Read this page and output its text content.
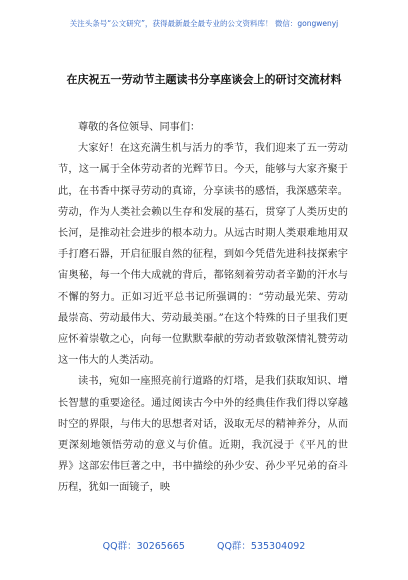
关注头条号“公文研究”，获得最新最全最专业的公文资料库！ 微信：gongwenyj
在庆祝五一劳动节主题读书分享座谈会上的研讨交流材料

尊敬的各位领导、同事们：

大家好！在这充满生机与活力的季节，我们迎来了五一劳动节，这一属于全体劳动者的光辉节日。今天，能够与大家齐聚于此，在书香中探寻劳动的真谛，分享读书的感悟，我深感荣幸。劳动，作为人类社会赖以生存和发展的基石，贯穿了人类历史的长河，是推动社会进步的根本动力。从远古时期人类艰难地用双手打磨石器，开启征服自然的征程，到如今凭借先进科技探索宇宙奥秘，每一个伟大成就的背后，都铭刻着劳动者辛勤的汗水与不懈的努力。正如习近平总书记所强调的：“劳动最光荣、劳动最崇高、劳动最伟大、劳动最美丽。”在这个特殊的日子里我们更应怀着崇敬之心，向每一位默默奉献的劳动者致敬深情礼赞劳动这一伟大的人类活动。

读书，宛如一座照亮前行道路的灯塔，是我们获取知识、增长智慧的重要途径。通过阅读古今中外的经典佳作我们得以穿越时空的界限，与伟大的思想者对话，汲取无尽的精神养分，从而更深刻地领悟劳动的意义与价值。近期，我沉浸于《平凡的世界》这部宏伟巨著之中，书中描绘的孙少安、孙少平兄弟的奋斗历程，犹如一面镜子，映

QQ群：30265665	QQ群：535304092
